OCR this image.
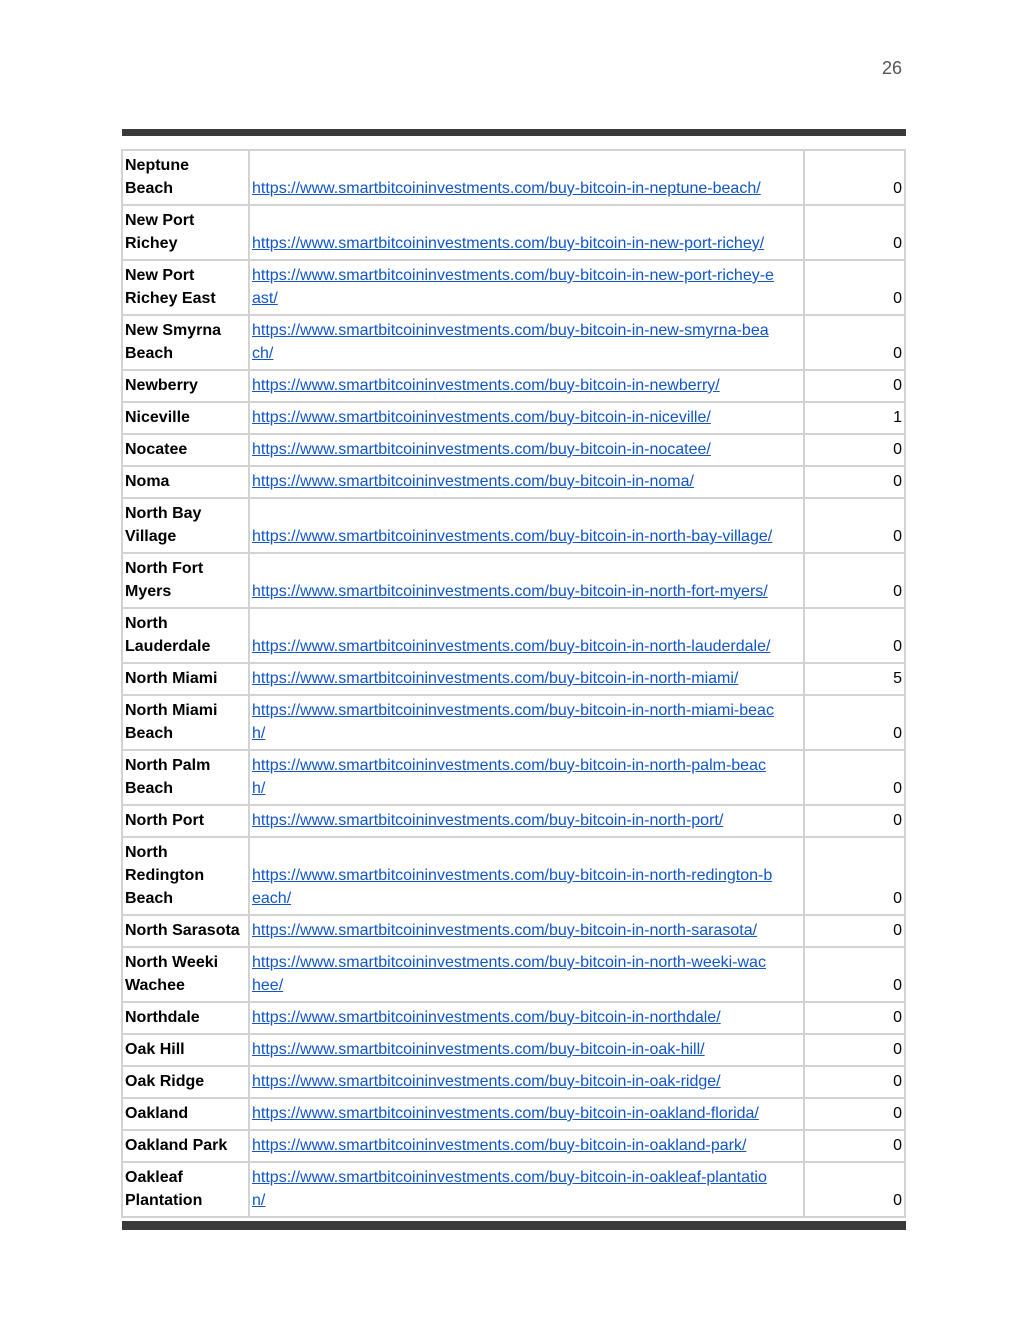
26
Neptune
Beach	https://www.smartbitcoininvestments.com/buy-bitcoin-in-neptune-beach/	0
New Port
Richey	https://www.smartbitcoininvestments.com/buy-bitcoin-in-new-port-richey/	0
New Port
Richey East	https://www.smartbitcoininvestments.com/buy-bitcoin-in-new-port-richey-e
ast/	0
New Smyrna
Beach	https://www.smartbitcoininvestments.com/buy-bitcoin-in-new-smyrna-bea
ch/	0
Newberry	https://www.smartbitcoininvestments.com/buy-bitcoin-in-newberry/	0
Niceville	https://www.smartbitcoininvestments.com/buy-bitcoin-in-niceville/	1
Nocatee	https://www.smartbitcoininvestments.com/buy-bitcoin-in-nocatee/	0
Noma	https://www.smartbitcoininvestments.com/buy-bitcoin-in-noma/	0
North Bay
Village	https://www.smartbitcoininvestments.com/buy-bitcoin-in-north-bay-village/	0
North Fort
Myers	https://www.smartbitcoininvestments.com/buy-bitcoin-in-north-fort-myers/	0
North
Lauderdale	https://www.smartbitcoininvestments.com/buy-bitcoin-in-north-lauderdale/	0
North Miami	https://www.smartbitcoininvestments.com/buy-bitcoin-in-north-miami/	5
North Miami
Beach	https://www.smartbitcoininvestments.com/buy-bitcoin-in-north-miami-beac
h/	0
North Palm
Beach	https://www.smartbitcoininvestments.com/buy-bitcoin-in-north-palm-beac
h/	0
North Port	https://www.smartbitcoininvestments.com/buy-bitcoin-in-north-port/	0
North
Redington
Beach	https://www.smartbitcoininvestments.com/buy-bitcoin-in-north-redington-b
each/	0
North Sarasota	https://www.smartbitcoininvestments.com/buy-bitcoin-in-north-sarasota/	0
North Weeki
Wachee	https://www.smartbitcoininvestments.com/buy-bitcoin-in-north-weeki-wac
hee/	0
Northdale	https://www.smartbitcoininvestments.com/buy-bitcoin-in-northdale/	0
Oak Hill	https://www.smartbitcoininvestments.com/buy-bitcoin-in-oak-hill/	0
Oak Ridge	https://www.smartbitcoininvestments.com/buy-bitcoin-in-oak-ridge/	0
Oakland	https://www.smartbitcoininvestments.com/buy-bitcoin-in-oakland-florida/	0
Oakland Park	https://www.smartbitcoininvestments.com/buy-bitcoin-in-oakland-park/	0
Oakleaf
Plantation	https://www.smartbitcoininvestments.com/buy-bitcoin-in-oakleaf-plantatio
n/	0
